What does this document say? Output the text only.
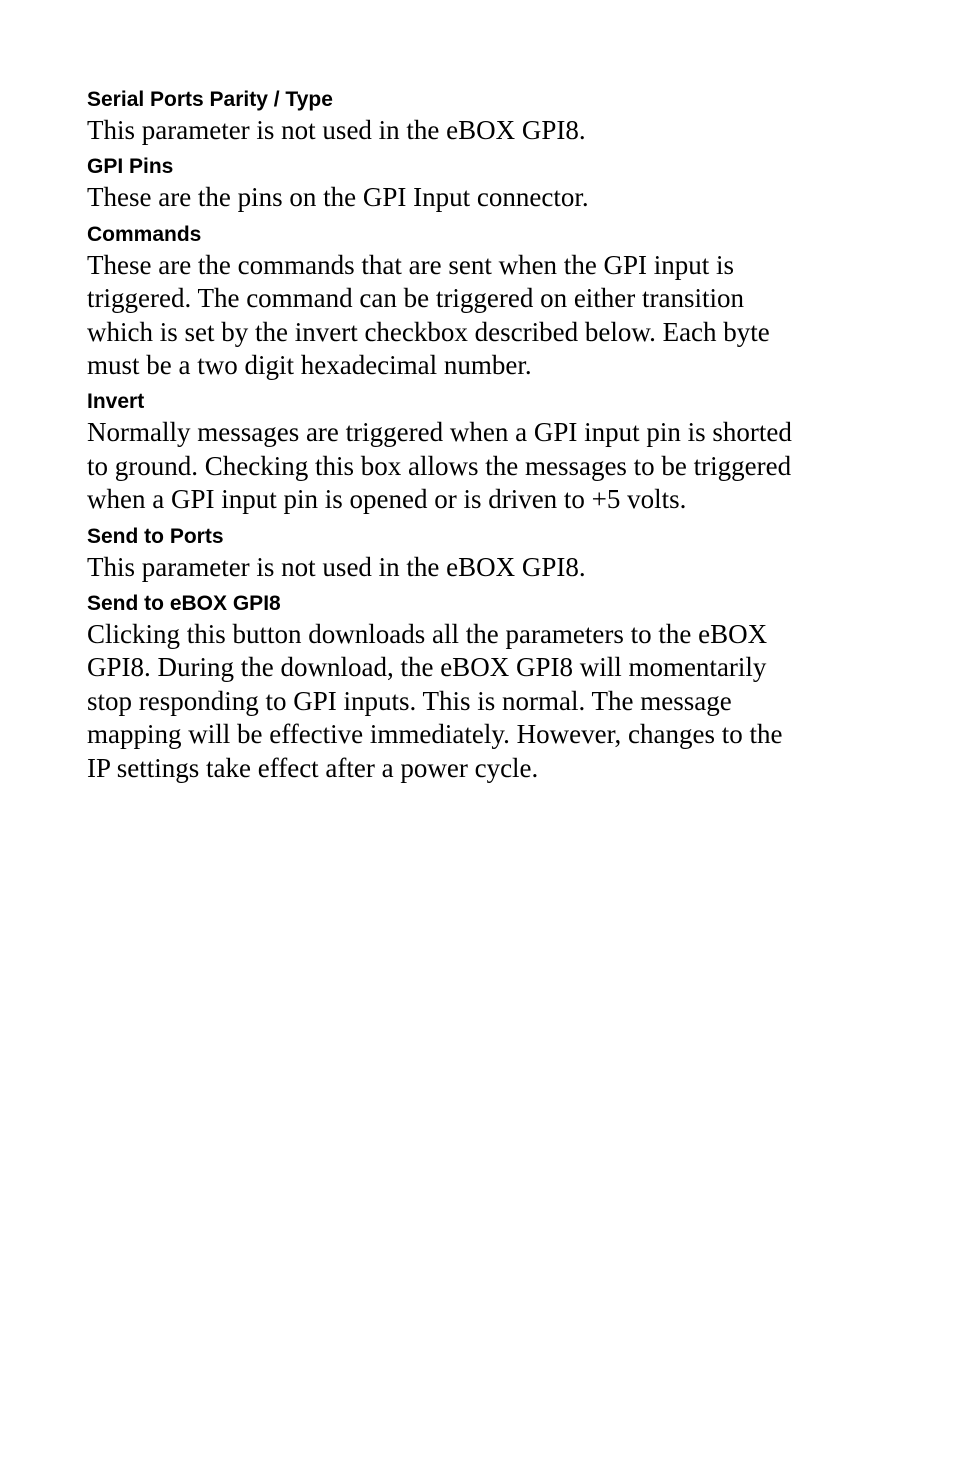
Serial Ports Parity / Type

This parameter is not used in the eBOX GPI8.

GPI Pins

These are the pins on the GPI Input connector.

Commands

These are the commands that are sent when the GPI input is
triggered. The command can be triggered on either transition
which is set by the invert checkbox described below. Each byte
must be a two digit hexadecimal number.

Invert

Normally messages are triggered when a GPI input pin is shorted
to ground. Checking this box allows the messages to be triggered
when a GPI input pin is opened or is driven to +5 volts.

Send to Ports

This parameter is not used in the eBOX GPI8.

Send to eBOX GPI8

Clicking this button downloads all the parameters to the eBOX
GPI8. During the download, the eBOX GPI8 will momentarily
stop responding to GPI inputs. This is normal. The message
mapping will be effective immediately. However, changes to the
IP settings take effect after a power cycle.
